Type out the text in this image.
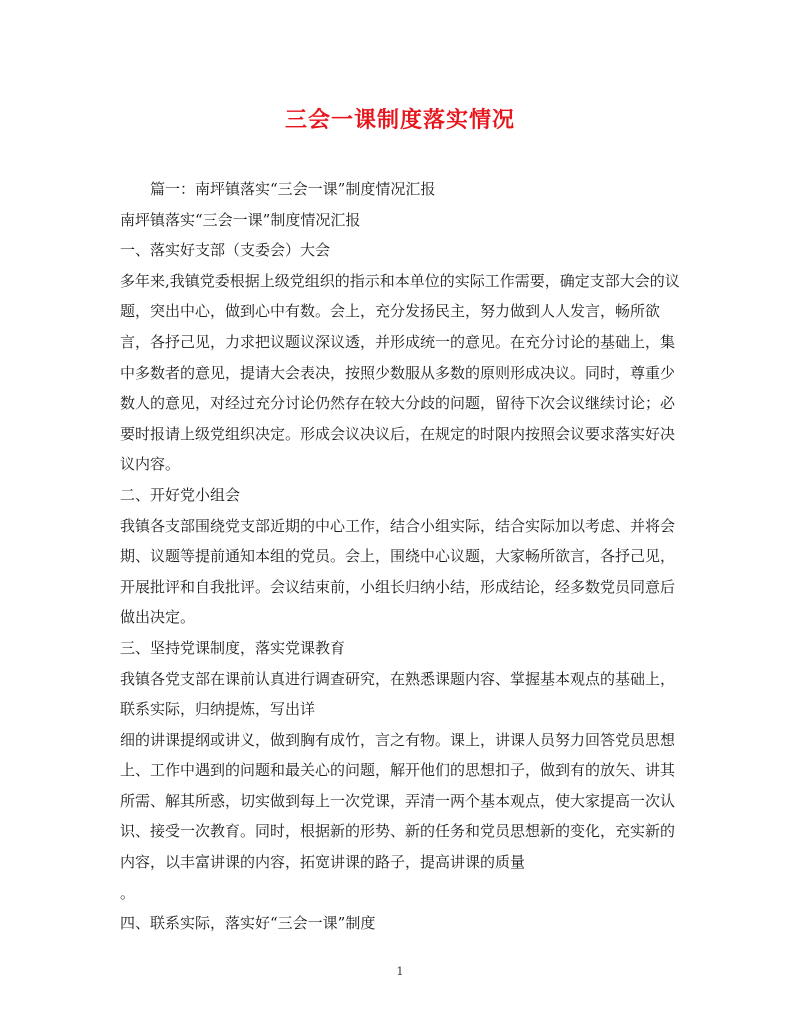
三会一课制度落实情况

篇一：南坪镇落实“三会一课”制度情况汇报

南坪镇落实“三会一课”制度情况汇报

一、落实好支部（支委会）大会

多年来,我镇党委根据上级党组织的指示和本单位的实际工作需要，确定支部大会的议题，突出中心，做到心中有数。会上，充分发扬民主，努力做到人人发言，畅所欲言，各抒己见，力求把议题议深议透，并形成统一的意见。在充分讨论的基础上，集中多数者的意见，提请大会表决，按照少数服从多数的原则形成决议。同时，尊重少数人的意见，对经过充分讨论仍然存在较大分歧的问题，留待下次会议继续讨论；必要时报请上级党组织决定。形成会议决议后，在规定的时限内按照会议要求落实好决议内容。

二、开好党小组会

我镇各支部围绕党支部近期的中心工作，结合小组实际，结合实际加以考虑、并将会期、议题等提前通知本组的党员。会上，围绕中心议题，大家畅所欲言，各抒己见，开展批评和自我批评。会议结束前，小组长归纳小结，形成结论，经多数党员同意后做出决定。

三、坚持党课制度，落实党课教育

我镇各党支部在课前认真进行调查研究，在熟悉课题内容、掌握基本观点的基础上，联系实际，归纳提炼，写出详

细的讲课提纲或讲义，做到胸有成竹，言之有物。课上，讲课人员努力回答党员思想上、工作中遇到的问题和最关心的问题，解开他们的思想扣子，做到有的放矢、讲其所需、解其所惑，切实做到每上一次党课，弄清一两个基本观点，使大家提高一次认识、接受一次教育。同时，根据新的形势、新的任务和党员思想新的变化，充实新的内容，以丰富讲课的内容，拓宽讲课的路子，提高讲课的质量

。

四、联系实际，落实好“三会一课”制度

1
